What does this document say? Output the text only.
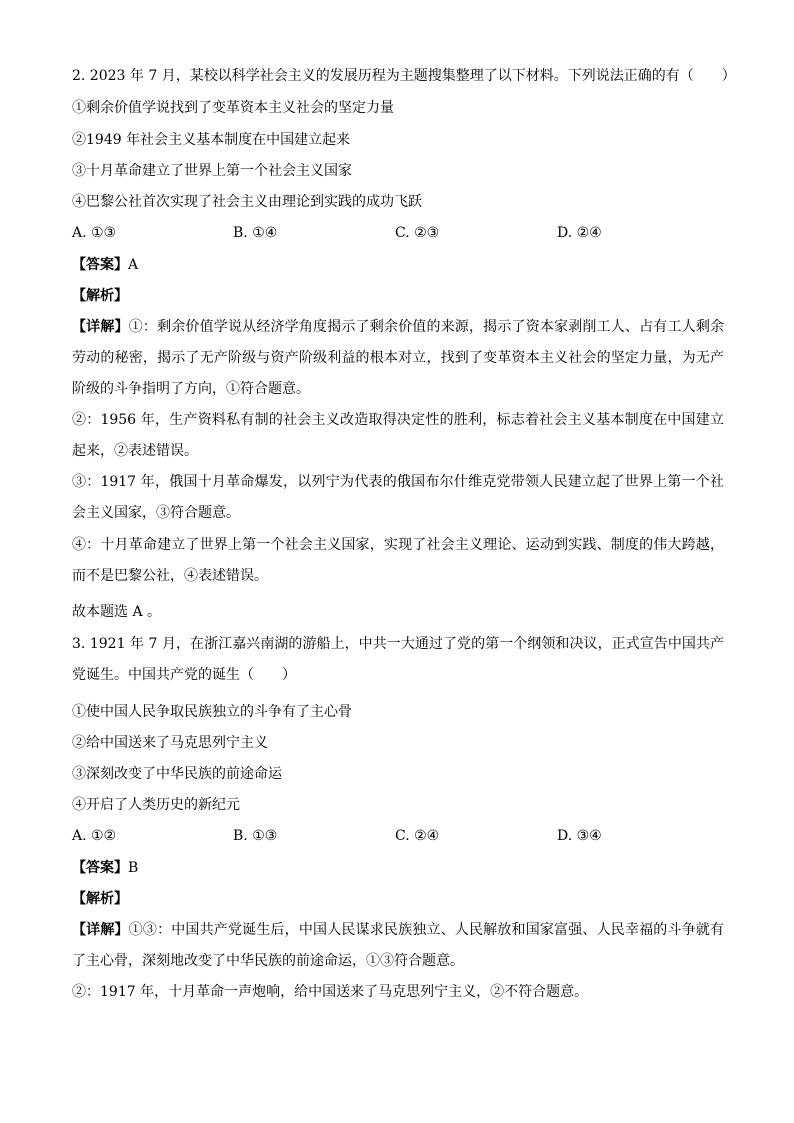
2. 2023 年 7 月，某校以科学社会主义的发展历程为主题搜集整理了以下材料。下列说法正确的有（　　）
①剩余价值学说找到了变革资本主义社会的坚定力量
②1949 年社会主义基本制度在中国建立起来
③十月革命建立了世界上第一个社会主义国家
④巴黎公社首次实现了社会主义由理论到实践的成功飞跃
A. ①③	B. ①④	C. ②③	D. ②④
【答案】A
【解析】
【详解】①：剩余价值学说从经济学角度揭示了剩余价值的来源，揭示了资本家剥削工人、占有工人剩余劳动的秘密，揭示了无产阶级与资产阶级利益的根本对立，找到了变革资本主义社会的坚定力量，为无产阶级的斗争指明了方向，①符合题意。
②：1956 年，生产资料私有制的社会主义改造取得决定性的胜利，标志着社会主义基本制度在中国建立起来，②表述错误。
③：1917 年，俄国十月革命爆发，以列宁为代表的俄国布尔什维克党带领人民建立起了世界上第一个社会主义国家，③符合题意。
④：十月革命建立了世界上第一个社会主义国家，实现了社会主义理论、运动到实践、制度的伟大跨越，而不是巴黎公社，④表述错误。
故本题选 A 。
3. 1921 年 7 月，在浙江嘉兴南湖的游船上，中共一大通过了党的第一个纲领和决议，正式宣告中国共产党诞生。中国共产党的诞生（　　）
①使中国人民争取民族独立的斗争有了主心骨
②给中国送来了马克思列宁主义
③深刻改变了中华民族的前途命运
④开启了人类历史的新纪元
A. ①②	B. ①③	C. ②④	D. ③④
【答案】B
【解析】
【详解】①③：中国共产党诞生后，中国人民谋求民族独立、人民解放和国家富强、人民幸福的斗争就有了主心骨，深刻地改变了中华民族的前途命运，①③符合题意。
②：1917 年，十月革命一声炮响，给中国送来了马克思列宁主义，②不符合题意。
